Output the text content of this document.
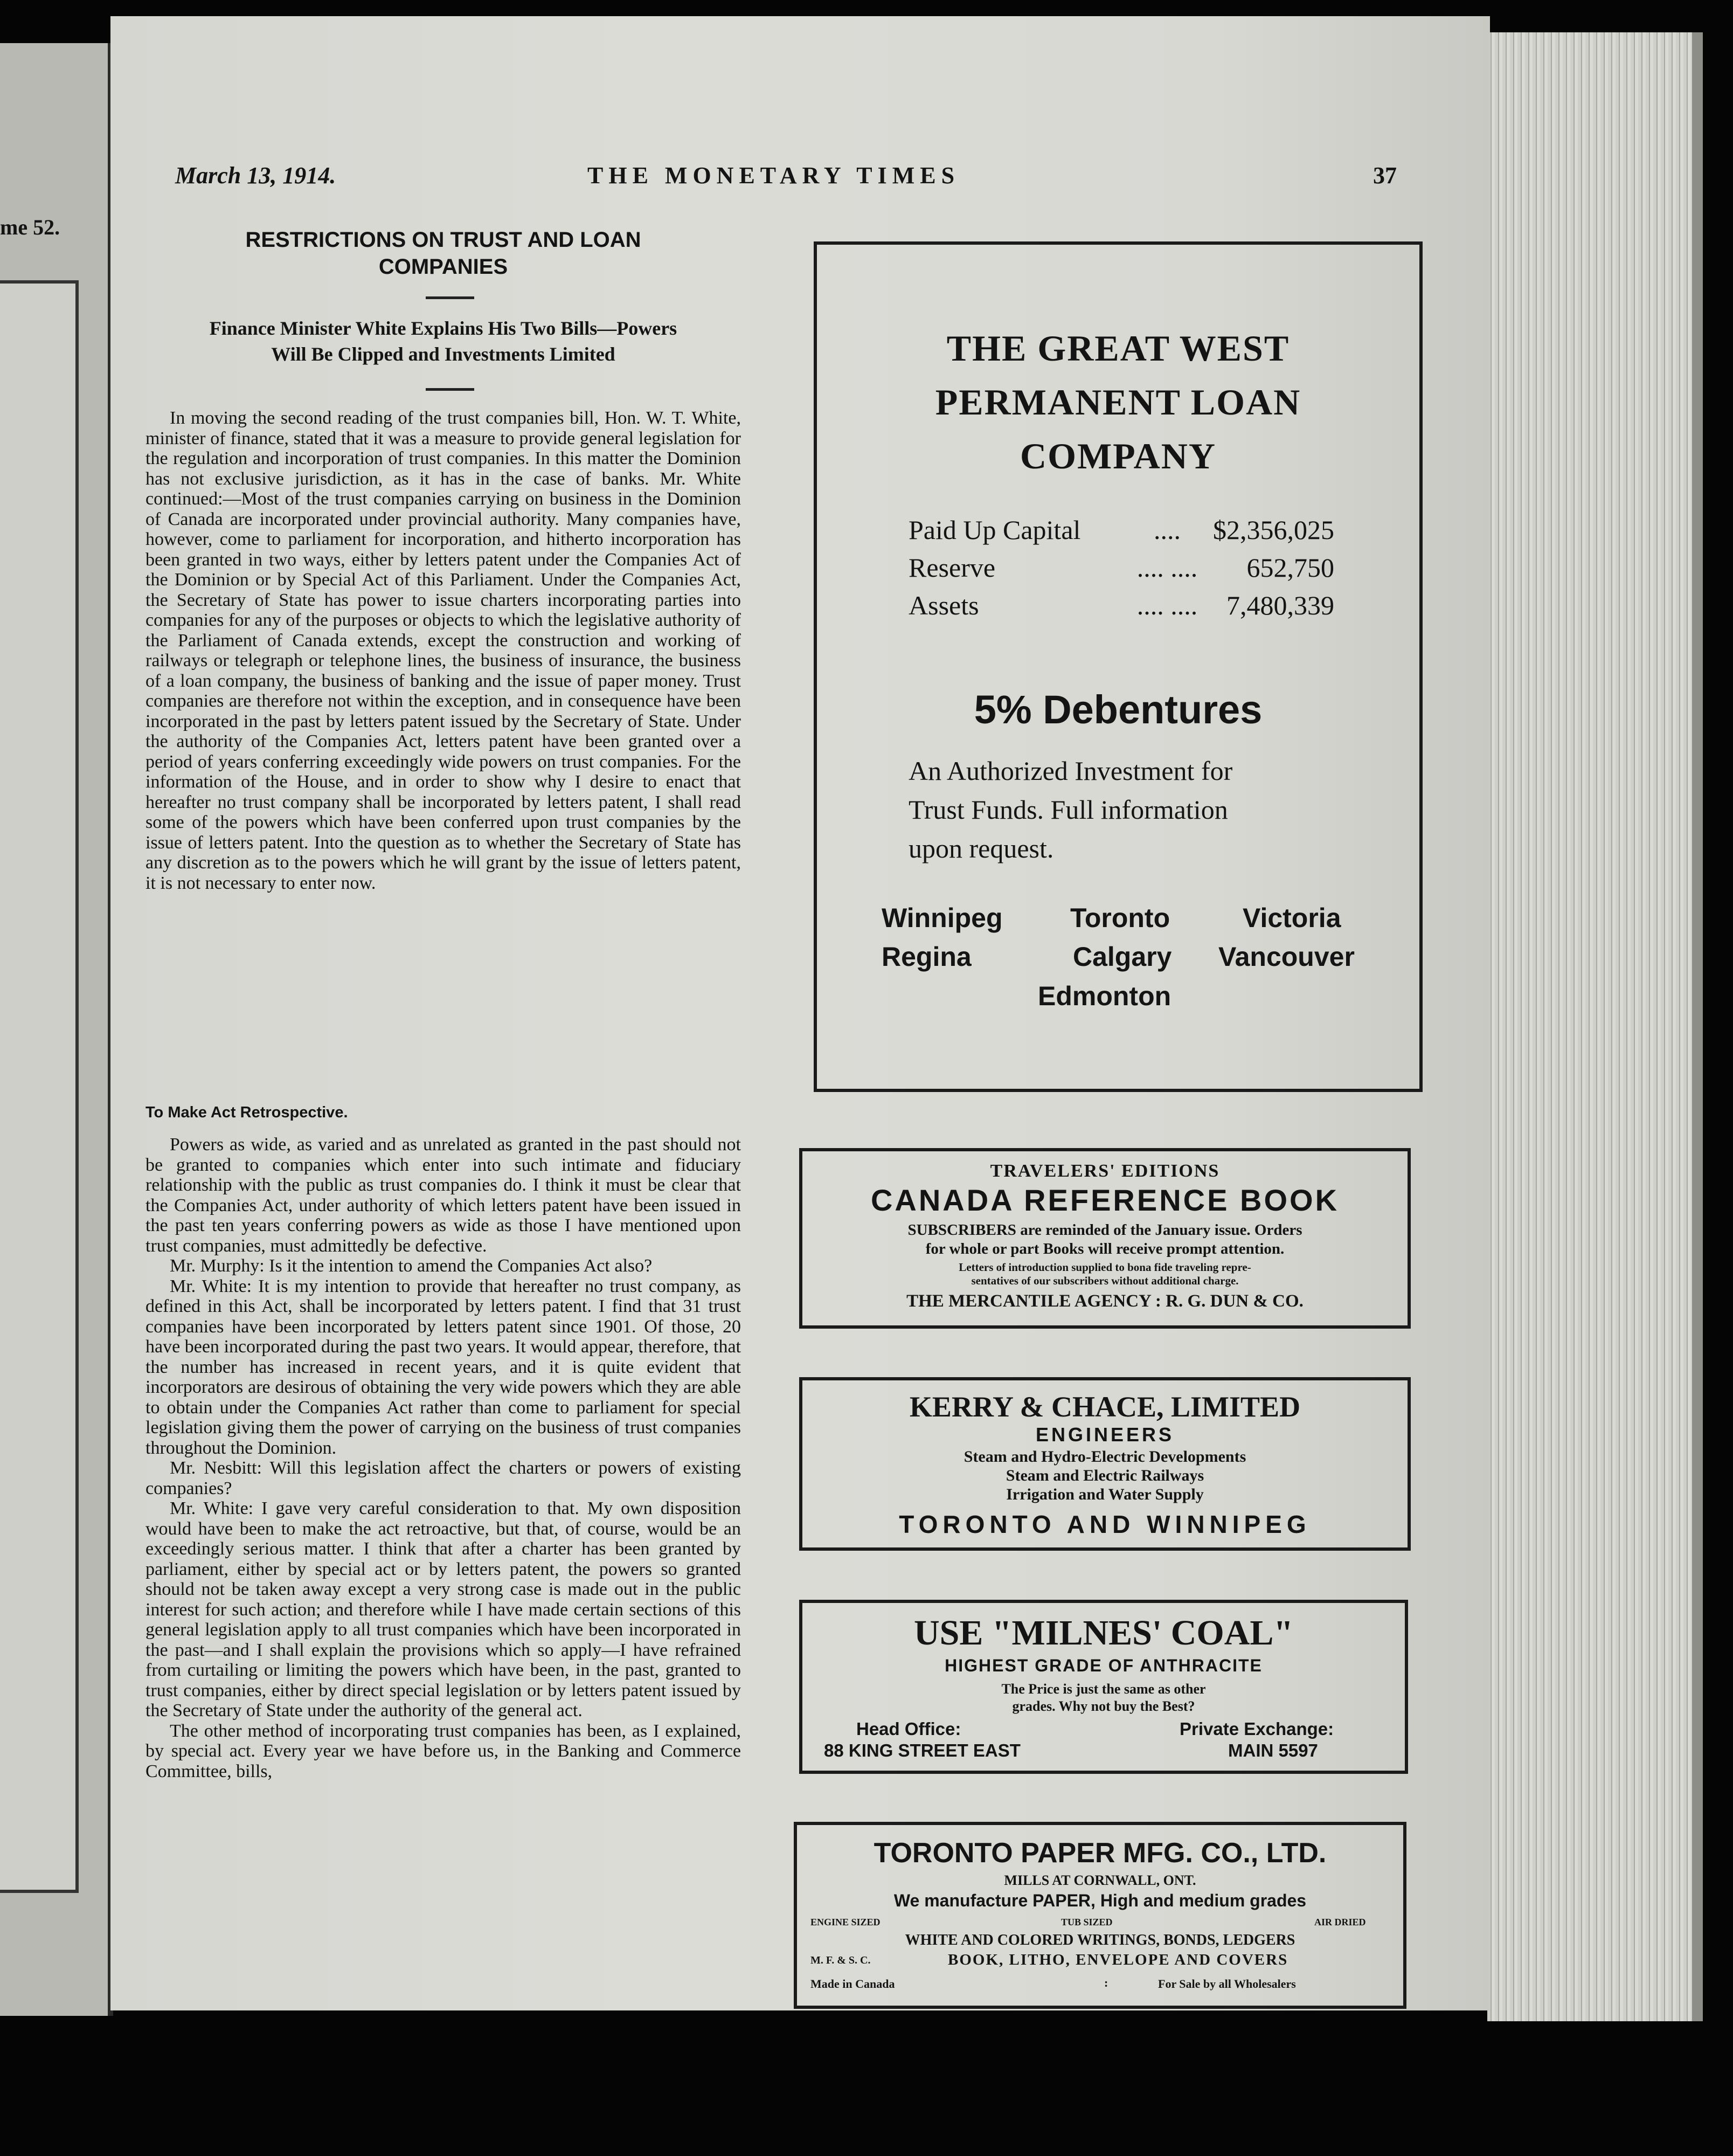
me 52.
March 13, 1914.	THE MONETARY TIMES	37
RESTRICTIONS ON TRUST AND LOAN
COMPANIES
Finance Minister White Explains His Two Bills—Powers
Will Be Clipped and Investments Limited

In moving the second reading of the trust companies bill, Hon. W. T. White, minister of finance, stated that it was a measure to provide general legislation for the regulation and incorporation of trust companies. In this matter the Dominion has not exclusive jurisdiction, as it has in the case of banks. Mr. White continued:—Most of the trust companies carrying on business in the Dominion of Canada are incorporated under provincial authority. Many companies have, however, come to parliament for incorporation, and hitherto incorporation has been granted in two ways, either by letters patent under the Companies Act of the Dominion or by Special Act of this Parliament. Under the Companies Act, the Secretary of State has power to issue charters incorporating parties into companies for any of the purposes or objects to which the legislative authority of the Parliament of Canada extends, except the construction and working of railways or telegraph or telephone lines, the business of insurance, the business of a loan company, the business of banking and the issue of paper money. Trust companies are therefore not within the exception, and in consequence have been incorporated in the past by letters patent issued by the Secretary of State. Under the authority of the Companies Act, letters patent have been granted over a period of years conferring exceedingly wide powers on trust companies. For the information of the House, and in order to show why I desire to enact that hereafter no trust company shall be incorporated by letters patent, I shall read some of the powers which have been conferred upon trust companies by the issue of letters patent. Into the question as to whether the Secretary of State has any discretion as to the powers which he will grant by the issue of letters patent, it is not necessary to enter now.

To Make Act Retrospective.

Powers as wide, as varied and as unrelated as granted in the past should not be granted to companies which enter into such intimate and fiduciary relationship with the public as trust companies do. I think it must be clear that the Companies Act, under authority of which letters patent have been issued in the past ten years conferring powers as wide as those I have mentioned upon trust companies, must admittedly be defective.

Mr. Murphy: Is it the intention to amend the Companies Act also?

Mr. White: It is my intention to provide that hereafter no trust company, as defined in this Act, shall be incorporated by letters patent. I find that 31 trust companies have been incorporated by letters patent since 1901. Of those, 20 have been incorporated during the past two years. It would appear, therefore, that the number has increased in recent years, and it is quite evident that incorporators are desirous of obtaining the very wide powers which they are able to obtain under the Companies Act rather than come to parliament for special legislation giving them the power of carrying on the business of trust companies throughout the Dominion.

Mr. Nesbitt: Will this legislation affect the charters or powers of existing companies?

Mr. White: I gave very careful consideration to that. My own disposition would have been to make the act retroactive, but that, of course, would be an exceedingly serious matter. I think that after a charter has been granted by parliament, either by special act or by letters patent, the powers so granted should not be taken away except a very strong case is made out in the public interest for such action; and therefore while I have made certain sections of this general legislation apply to all trust companies which have been incorporated in the past—and I shall explain the provisions which so apply—I have refrained from curtailing or limiting the powers which have been, in the past, granted to trust companies, either by direct special legislation or by letters patent issued by the Secretary of State under the authority of the general act.

The other method of incorporating trust companies has been, as I explained, by special act. Every year we have before us, in the Banking and Commerce Committee, bills,

THE GREAT WEST
PERMANENT LOAN
COMPANY
Paid Up Capital	....	$2,356,025
Reserve	.... ....	652,750
Assets	.... ....	7,480,339
5% Debentures
An Authorized Investment for
Trust Funds. Full information
upon request.
Winnipeg	Toronto	Victoria
Regina	Calgary Vancouver
Edmonton
TRAVELERS' EDITIONS
CANADA REFERENCE BOOK
SUBSCRIBERS are reminded of the January issue. Orders
for whole or part Books will receive prompt attention.
Letters of introduction supplied to bona fide traveling repre-
sentatives of our subscribers without additional charge.
THE MERCANTILE AGENCY : R. G. DUN & CO.
KERRY & CHACE, LIMITED
ENGINEERS
Steam and Hydro-Electric Developments
Steam and Electric Railways
Irrigation and Water Supply
TORONTO AND WINNIPEG
USE "MILNES' COAL"
HIGHEST GRADE OF ANTHRACITE
The Price is just the same as other
grades. Why not buy the Best?
Head Office:
88 KING STREET EAST
Private Exchange:
MAIN 5597
TORONTO PAPER MFG. CO., LTD.
MILLS AT CORNWALL, ONT.
We manufacture PAPER, High and medium grades
ENGINE SIZED	TUB SIZED	AIR DRIED
WHITE AND COLORED WRITINGS, BONDS, LEDGERS
M. F. & S. C.	BOOK, LITHO, ENVELOPE AND COVERS
Made in Canada	:	For Sale by all Wholesalers
